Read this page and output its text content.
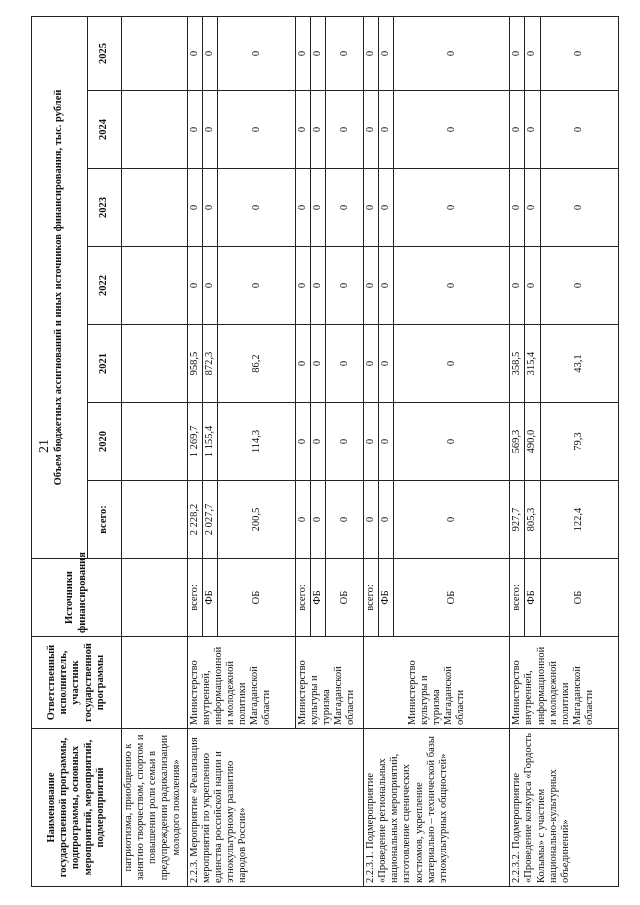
21
Наименование государственной программы, подпрограммы, основных мероприятий, мероприятий, подмероприятий	Ответственный исполнитель, участник государственной программы	Источники финансирования	Объем бюджетных ассигнований и иных источников финансирования, тыс. рублей						
			всего:	2020	2021	2022	2023	2024	2025
патриотизма, приобщению к занятию творчеством, спортом и повышении роли семьи в предупреждении радикализации молодого поколения»									
2.2.3. Мероприятие «Реализация мероприятий по укреплению единства российской нации и этнокультурному развитию народов России»	Министерство внутренней, информационной и молодежной политики Магаданской области	всего:	2 228,2	1 269,7	958,5	0	0	0	0
		ФБ	2 027,7	1 155,4	872,3	0	0	0	0
		ОБ	200,5	114,3	86,2	0	0	0	0
	Министерство культуры и туризма Магаданской области	всего:	0	0	0	0	0	0	0
		ФБ	0	0	0	0	0	0	0
		ОБ	0	0	0	0	0	0	0
2.2.3.1. Подмероприятие «Проведение региональных национальных мероприятий, изготовление сценических костюмов, укрепление материально – технической базы этнокультурных общностей»	Министерство культуры и туризма Магаданской области	всего:	0	0	0	0	0	0	0
		ФБ	0	0	0	0	0	0	0
		ОБ	0	0	0	0	0	0	0
2.2.3.2. Подмероприятие «Проведение конкурса «Гордость Колымы» с участием национально-культурных объединений»	Министерство внутренней, информационной и молодежной политики Магаданской области	всего:	927,7	569,3	358,5	0	0	0	0
		ФБ	805,3	490,0	315,4	0	0	0	0
		ОБ	122,4	79,3	43,1	0	0	0	0
